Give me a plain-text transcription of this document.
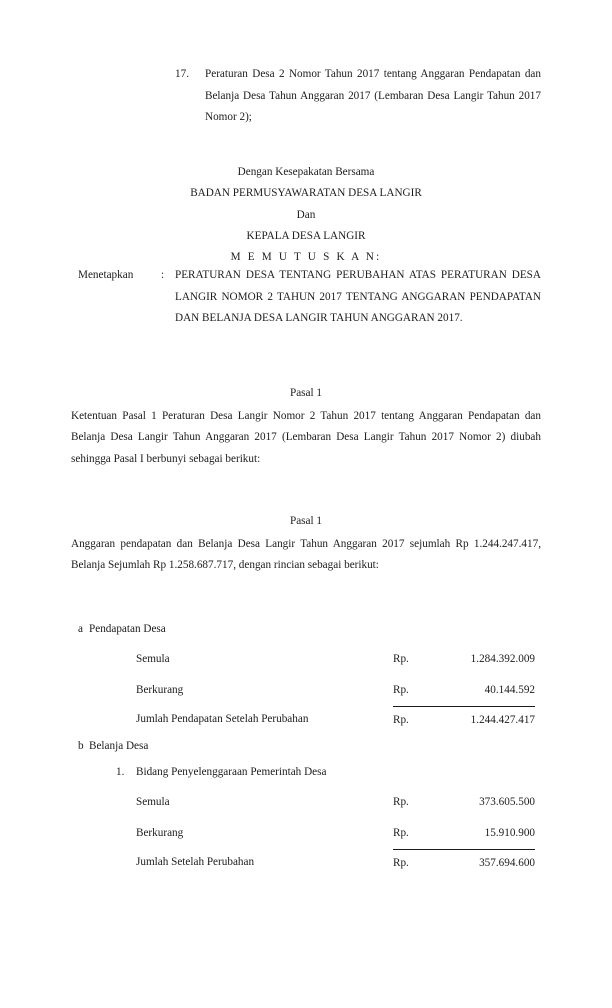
17.	Peraturan Desa 2 Nomor Tahun 2017 tentang Anggaran Pendapatan dan Belanja Desa Tahun Anggaran 2017 (Lembaran Desa Langir Tahun 2017 Nomor 2);
Dengan Kesepakatan Bersama
BADAN PERMUSYAWARATAN DESA LANGIR
Dan
KEPALA DESA LANGIR
M E M U T U S K A N:
Menetapkan	: PERATURAN DESA TENTANG PERUBAHAN ATAS PERATURAN DESA LANGIR NOMOR 2 TAHUN 2017 TENTANG ANGGARAN PENDAPATAN DAN BELANJA DESA LANGIR TAHUN ANGGARAN 2017.
Pasal 1
Ketentuan Pasal 1 Peraturan Desa Langir Nomor 2 Tahun 2017 tentang Anggaran Pendapatan dan Belanja Desa Langir Tahun Anggaran 2017 (Lembaran Desa Langir Tahun 2017 Nomor 2) diubah sehingga Pasal I berbunyi sebagai berikut:
Pasal 1
Anggaran pendapatan dan Belanja Desa Langir Tahun Anggaran 2017 sejumlah Rp 1.244.247.417, Belanja Sejumlah Rp 1.258.687.717, dengan rincian sebagai berikut:
a Pendapatan Desa
Semula	Rp.	1.284.392.009
Berkurang	Rp.	40.144.592
Jumlah Pendapatan Setelah Perubahan	Rp.	1.244.427.417
b Belanja Desa
1.	Bidang Penyelenggaraan Pemerintah Desa
Semula	Rp.	373.605.500
Berkurang	Rp.	15.910.900
Jumlah Setelah Perubahan	Rp.	357.694.600
